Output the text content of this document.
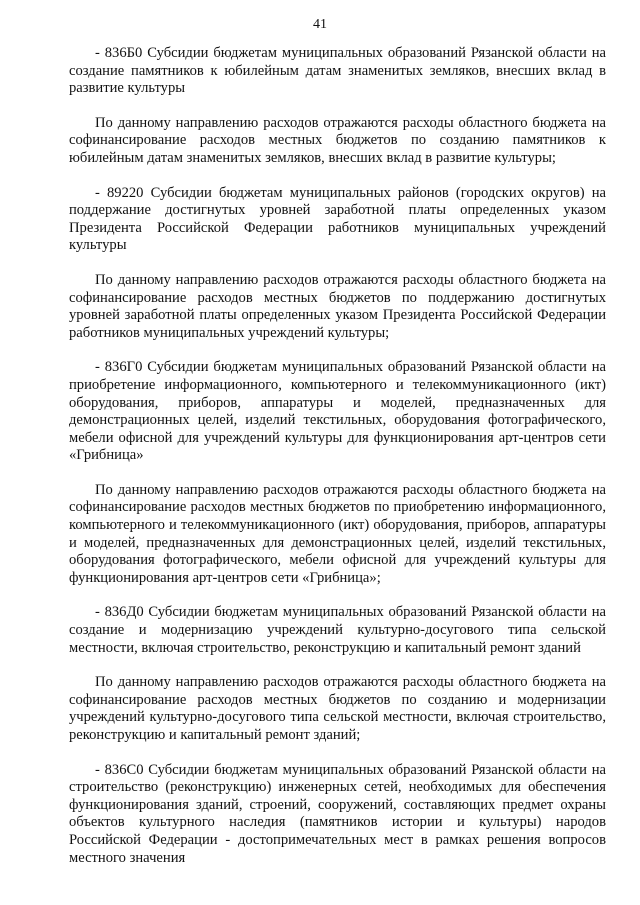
41

- 836Б0 Субсидии бюджетам муниципальных образований Рязанской области на создание памятников к юбилейным датам знаменитых земляков, внесших вклад в развитие культуры

По данному направлению расходов отражаются расходы областного бюджета на софинансирование расходов местных бюджетов по созданию памятников к юбилейным датам знаменитых земляков, внесших вклад в развитие культуры;

- 89220 Субсидии бюджетам муниципальных районов (городских округов) на поддержание достигнутых уровней заработной платы определенных указом Президента Российской Федерации работников муниципальных учреждений культуры

По данному направлению расходов отражаются расходы областного бюджета на софинансирование расходов местных бюджетов по поддержанию достигнутых уровней заработной платы определенных указом Президента Российской Федерации работников муниципальных учреждений культуры;

- 836Г0 Субсидии бюджетам муниципальных образований Рязанской области на приобретение информационного, компьютерного и телекоммуникационного (икт) оборудования, приборов, аппаратуры и моделей, предназначенных для демонстрационных целей, изделий текстильных, оборудования фотографического, мебели офисной для учреждений культуры для функционирования арт-центров сети «Грибница»

По данному направлению расходов отражаются расходы областного бюджета на софинансирование расходов местных бюджетов по приобретению информационного, компьютерного и телекоммуникационного (икт) оборудования, приборов, аппаратуры и моделей, предназначенных для демонстрационных целей, изделий текстильных, оборудования фотографического, мебели офисной для учреждений культуры для функционирования арт-центров сети «Грибница»;

- 836Д0 Субсидии бюджетам муниципальных образований Рязанской области на создание и модернизацию учреждений культурно-досугового типа сельской местности, включая строительство, реконструкцию и капитальный ремонт зданий

По данному направлению расходов отражаются расходы областного бюджета на софинансирование расходов местных бюджетов по созданию и модернизации учреждений культурно-досугового типа сельской местности, включая строительство, реконструкцию и капитальный ремонт зданий;

- 836С0 Субсидии бюджетам муниципальных образований Рязанской области на строительство (реконструкцию) инженерных сетей, необходимых для обеспечения функционирования зданий, строений, сооружений, составляющих предмет охраны объектов культурного наследия (памятников истории и культуры) народов Российской Федерации - достопримечательных мест в рамках решения вопросов местного значения
